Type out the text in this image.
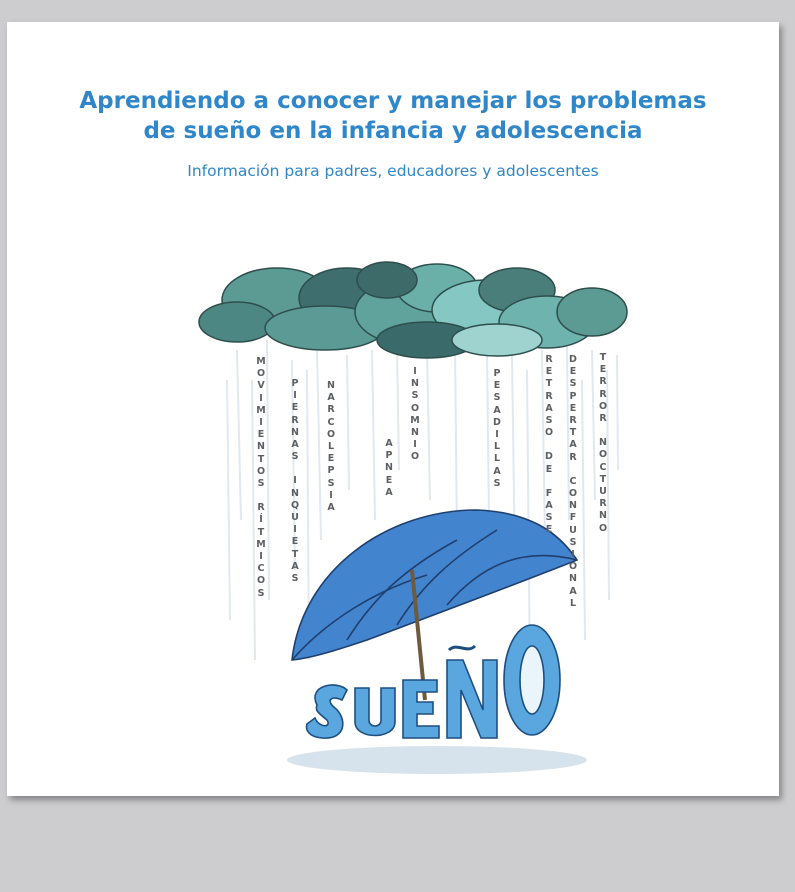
Aprendiendo a conocer y manejar los problemas
de sueño en la infancia y adolescencia

Información para padres, educadores y adolescentes

M
O
V
I
M
I
E
N
T
O
S
R
Í
T
M
I
C
O
S
P
I
E
R
N
A
S
I
N
Q
U
I
E
T
A
S
N
A
R
C
O
L
E
P
S
I
A
A
P
N
E
A
I
N
S
O
M
N
I
O
P
E
S
A
D
I
L
L
A
S
R
E
T
R
A
S
O
D
E
F
A
S
E
D
E
S
P
E
R
T
A
R
C
O
N
F
U
S
I
O
N
A
L
T
E
R
R
O
R
N
O
C
T
U
R
N
O
